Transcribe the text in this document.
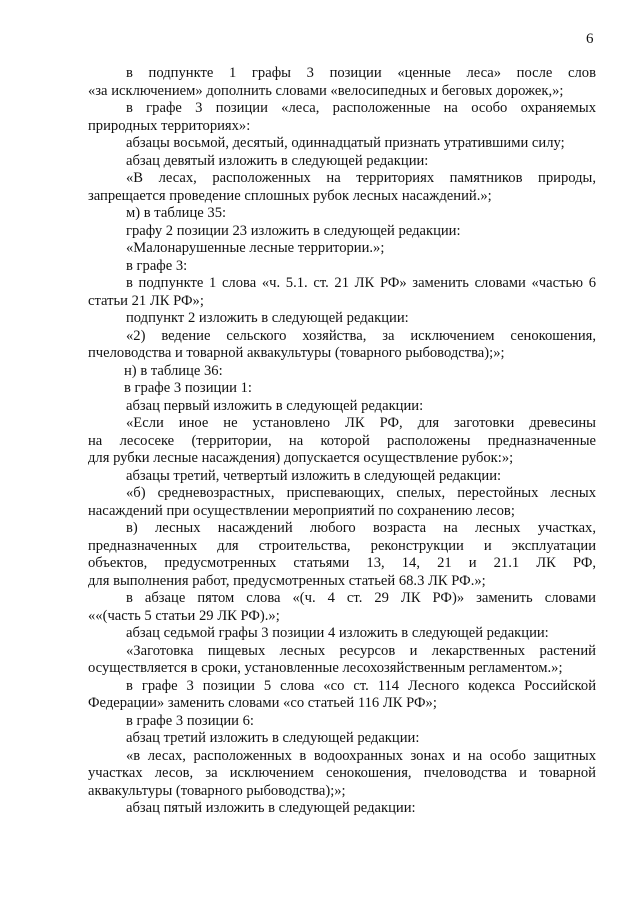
6
в подпункте 1 графы 3 позиции «ценные леса» после слов
«за исключением» дополнить словами «велосипедных и беговых дорожек,»;
в графе 3 позиции «леса, расположенные на особо охраняемых
природных территориях»:
абзацы восьмой, десятый, одиннадцатый признать утратившими силу;
абзац девятый изложить в следующей редакции:
«В лесах, расположенных на территориях памятников природы,
запрещается проведение сплошных рубок лесных насаждений.»;
м) в таблице 35:
графу 2 позиции 23 изложить в следующей редакции:
«Малонарушенные лесные территории.»;
в графе 3:
в подпункте 1 слова «ч. 5.1. ст. 21 ЛК РФ» заменить словами «частью 6
статьи 21 ЛК РФ»;
подпункт 2 изложить в следующей редакции:
«2) ведение сельского хозяйства, за исключением сенокошения,
пчеловодства и товарной аквакультуры (товарного рыбоводства);»;
н) в таблице 36:
в графе 3 позиции 1:
абзац первый изложить в следующей редакции:
«Если иное не установлено ЛК РФ, для заготовки древесины
на лесосеке (территории, на которой расположены предназначенные
для рубки лесные насаждения) допускается осуществление рубок:»;
абзацы третий, четвертый изложить в следующей редакции:
«б) средневозрастных, приспевающих, спелых, перестойных лесных
насаждений при осуществлении мероприятий по сохранению лесов;
в) лесных насаждений любого возраста на лесных участках,
предназначенных для строительства, реконструкции и эксплуатации
объектов, предусмотренных статьями 13, 14, 21 и 21.1 ЛК РФ,
для выполнения работ, предусмотренных статьей 68.3 ЛК РФ.»;
в абзаце пятом слова «(ч. 4 ст. 29 ЛК РФ)» заменить словами
««(часть 5 статьи 29 ЛК РФ).»;
абзац седьмой графы 3 позиции 4 изложить в следующей редакции:
«Заготовка пищевых лесных ресурсов и лекарственных растений
осуществляется в сроки, установленные лесохозяйственным регламентом.»;
в графе 3 позиции 5 слова «со ст. 114 Лесного кодекса Российской
Федерации» заменить словами «со статьей 116 ЛК РФ»;
в графе 3 позиции 6:
абзац третий изложить в следующей редакции:
«в лесах, расположенных в водоохранных зонах и на особо защитных
участках лесов, за исключением сенокошения, пчеловодства и товарной
аквакультуры (товарного рыбоводства);»;
абзац пятый изложить в следующей редакции:
